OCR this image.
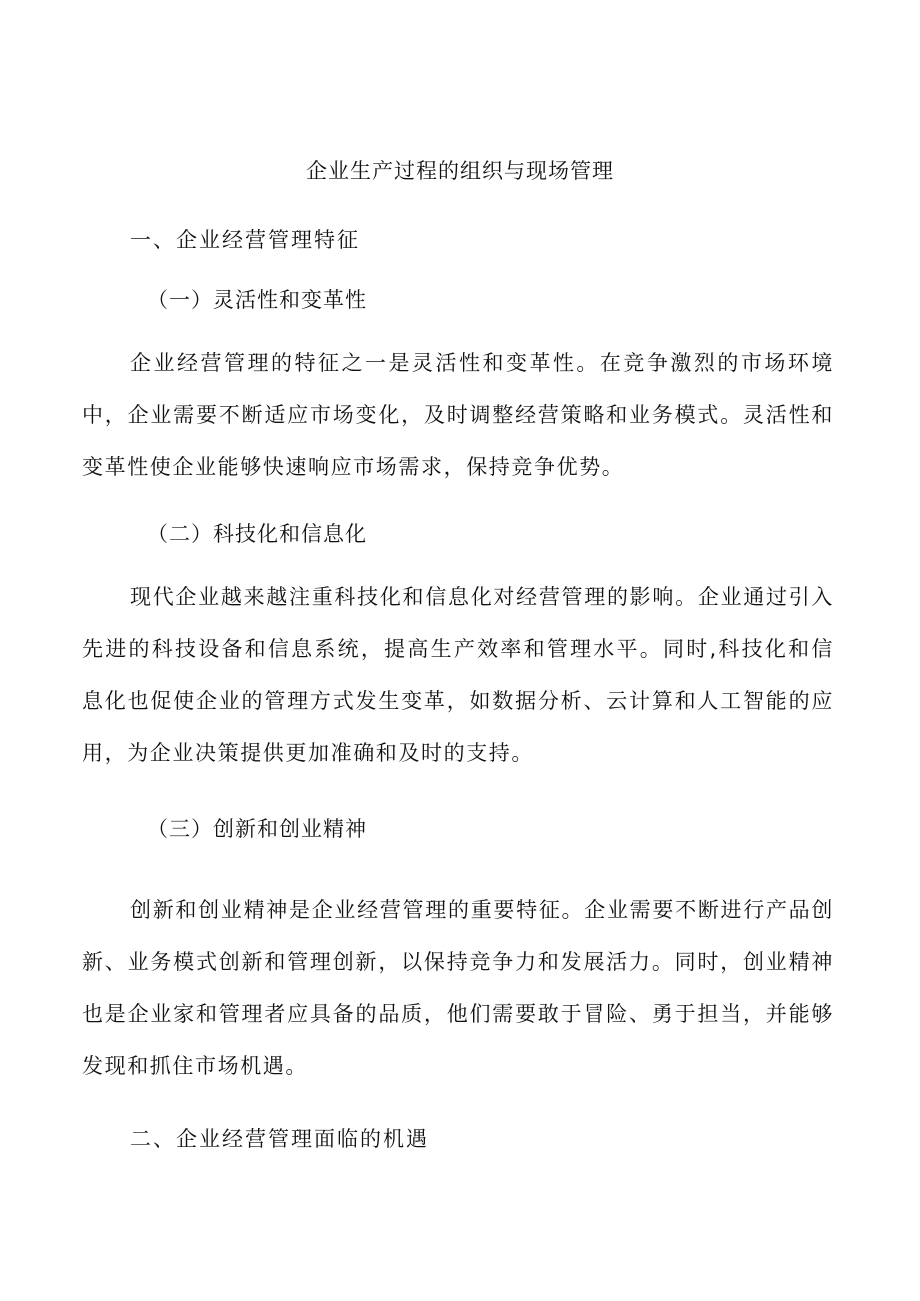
企业生产过程的组织与现场管理
一、企业经营管理特征
（一）灵活性和变革性
企业经营管理的特征之一是灵活性和变革性。在竞争激烈的市场环境中，企业需要不断适应市场变化，及时调整经营策略和业务模式。灵活性和变革性使企业能够快速响应市场需求，保持竞争优势。
（二）科技化和信息化
现代企业越来越注重科技化和信息化对经营管理的影响。企业通过引入先进的科技设备和信息系统，提高生产效率和管理水平。同时,科技化和信息化也促使企业的管理方式发生变革，如数据分析、云计算和人工智能的应用，为企业决策提供更加准确和及时的支持。
（三）创新和创业精神
创新和创业精神是企业经营管理的重要特征。企业需要不断进行产品创新、业务模式创新和管理创新，以保持竞争力和发展活力。同时，创业精神也是企业家和管理者应具备的品质，他们需要敢于冒险、勇于担当，并能够发现和抓住市场机遇。
二、企业经营管理面临的机遇
